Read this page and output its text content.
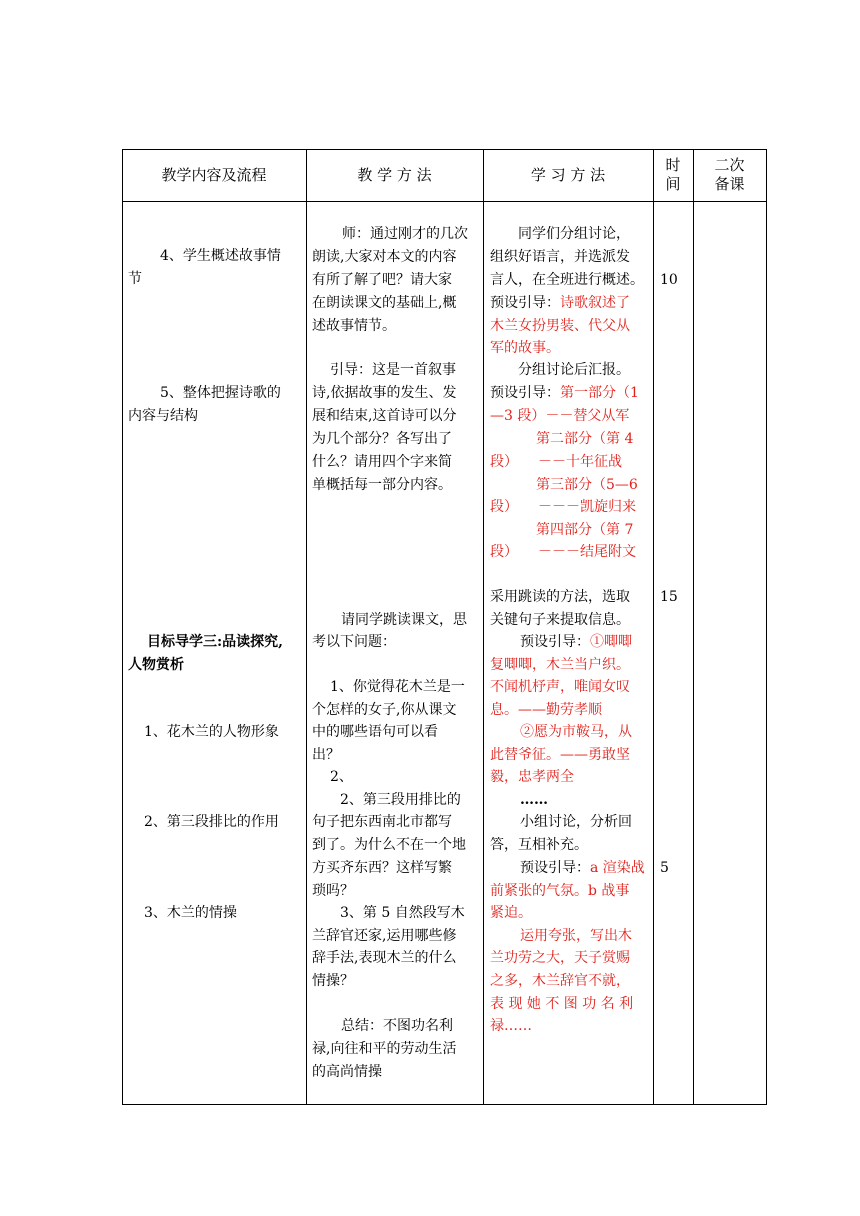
教学内容及流程	教 学 方 法	学 习 方 法
时
间
二次
备课
4、学生概述故事情
节
5、整体把握诗歌的
内容与结构
目标导学三:品读探究,
人物赏析
1、花木兰的人物形象
2、第三段排比的作用
3、木兰的情操
师：通过刚才的几次
朗读,大家对本文的内容
有所了解了吧？请大家
在朗读课文的基础上,概
述故事情节。
引导：这是一首叙事
诗,依据故事的发生、发
展和结束,这首诗可以分
为几个部分？各写出了
什么？请用四个字来简
单概括每一部分内容。
请同学跳读课文，思
考以下问题：
1、你觉得花木兰是一
个怎样的女子,你从课文
中的哪些语句可以看
出？
2、
2、第三段用排比的
句子把东西南北市都写
到了。为什么不在一个地
方买齐东西？这样写繁
琐吗？
3、第 5 自然段写木
兰辞官还家,运用哪些修
辞手法,表现木兰的什么
情操？
总结：不图功名利
禄,向往和平的劳动生活
的高尚情操
同学们分组讨论，
组织好语言，并选派发
言人，在全班进行概述。
预设引导：诗歌叙述了
木兰女扮男装、代父从
军的故事。
分组讨论后汇报。
预设引导：第一部分（1
—3 段）－－替父从军
第二部分（第 4
段） －－十年征战
第三部分（5—6
段） －－－凯旋归来
第四部分（第 7
段） －－－结尾附文
采用跳读的方法，选取
关键句子来提取信息。
预设引导：①唧唧
复唧唧，木兰当户织。
不闻机杼声，唯闻女叹
息。——勤劳孝顺
②愿为市鞍马，从
此替爷征。——勇敢坚
毅，忠孝两全
……
小组讨论，分析回
答，互相补充。
预设引导：a 渲染战
前紧张的气氛。b 战事
紧迫。
运用夸张，写出木
兰功劳之大，天子赏赐
之多，木兰辞官不就，
表 现 她 不 图 功 名 利
禄……
10
15
5
